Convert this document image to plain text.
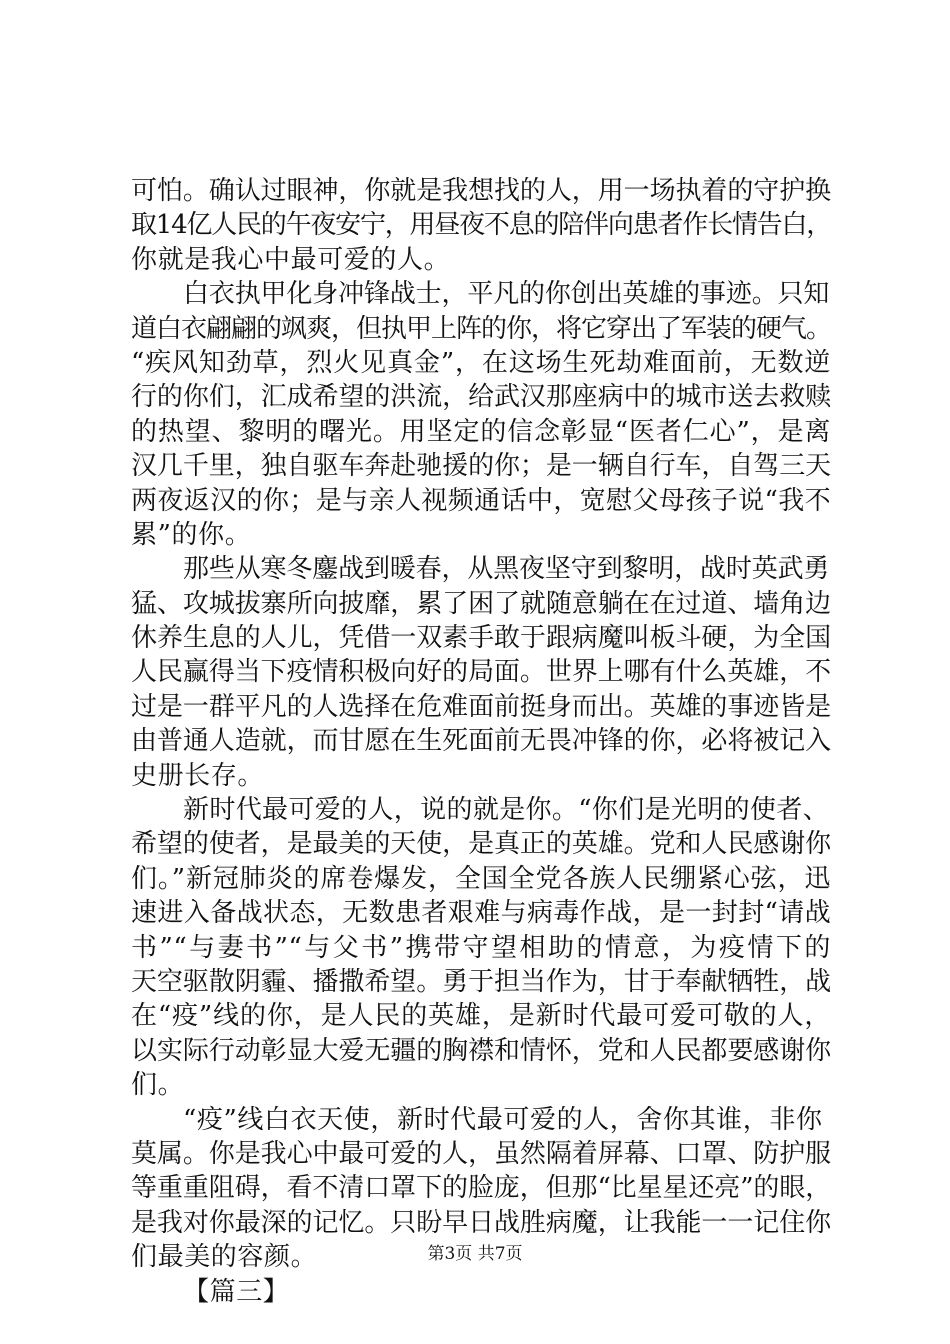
可怕。确认过眼神，你就是我想找的人，用一场执着的守护换
取14亿人民的午夜安宁，用昼夜不息的陪伴向患者作长情告白，
你就是我心中最可爱的人。
白衣执甲化身冲锋战士，平凡的你创出英雄的事迹。只知
道白衣翩翩的飒爽，但执甲上阵的你，将它穿出了军装的硬气。
“疾风知劲草，烈火见真金”，在这场生死劫难面前，无数逆
行的你们，汇成希望的洪流，给武汉那座病中的城市送去救赎
的热望、黎明的曙光。用坚定的信念彰显“医者仁心”，是离
汉几千里，独自驱车奔赴驰援的你；是一辆自行车，自驾三天
两夜返汉的你；是与亲人视频通话中，宽慰父母孩子说“我不
累”的你。
那些从寒冬鏖战到暖春，从黑夜坚守到黎明，战时英武勇
猛、攻城拔寨所向披靡，累了困了就随意躺在在过道、墙角边
休养生息的人儿，凭借一双素手敢于跟病魔叫板斗硬，为全国
人民赢得当下疫情积极向好的局面。世界上哪有什么英雄，不
过是一群平凡的人选择在危难面前挺身而出。英雄的事迹皆是
由普通人造就，而甘愿在生死面前无畏冲锋的你，必将被记入
史册长存。
新时代最可爱的人，说的就是你。“你们是光明的使者、
希望的使者，是最美的天使，是真正的英雄。党和人民感谢你
们。”新冠肺炎的席卷爆发，全国全党各族人民绷紧心弦，迅
速进入备战状态，无数患者艰难与病毒作战，是一封封“请战
书”“与妻书”“与父书”携带守望相助的情意，为疫情下的
天空驱散阴霾、播撒希望。勇于担当作为，甘于奉献牺牲，战
在“疫”线的你，是人民的英雄，是新时代最可爱可敬的人，
以实际行动彰显大爱无疆的胸襟和情怀，党和人民都要感谢你
们。
“疫”线白衣天使，新时代最可爱的人，舍你其谁，非你
莫属。你是我心中最可爱的人，虽然隔着屏幕、口罩、防护服
等重重阻碍，看不清口罩下的脸庞，但那“比星星还亮”的眼，
是我对你最深的记忆。只盼早日战胜病魔，让我能一一记住你
们最美的容颜。
【篇三】
第3页 共7页
